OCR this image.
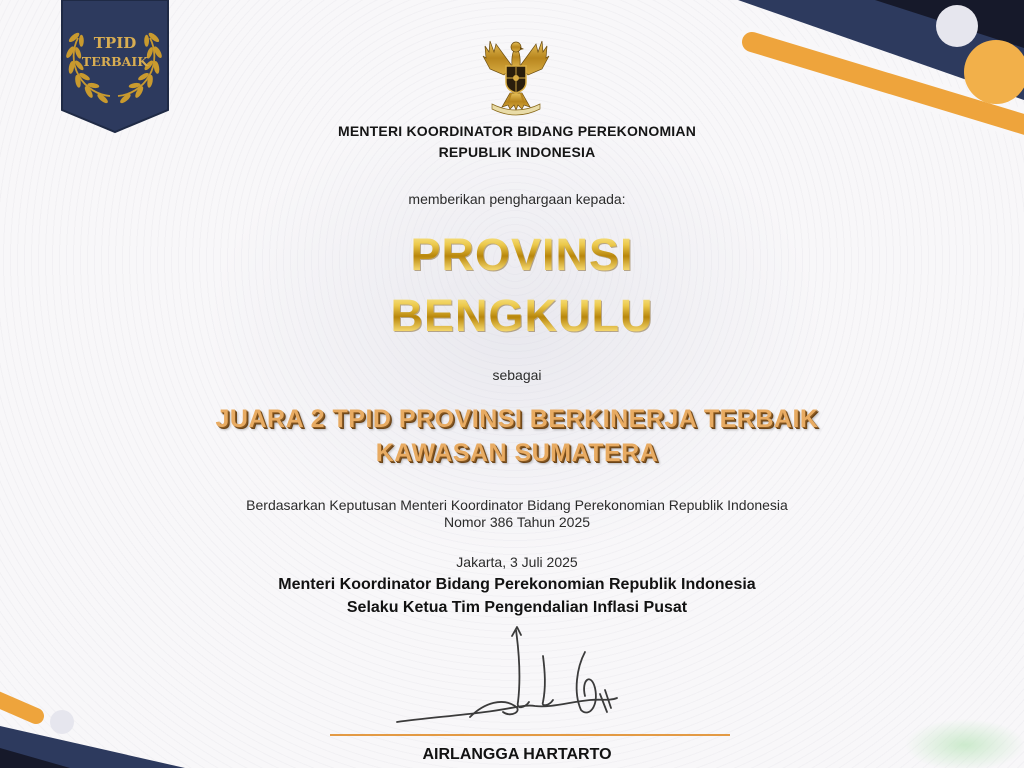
TPID
TERBAIK
MENTERI KOORDINATOR BIDANG PEREKONOMIAN
REPUBLIK INDONESIA
memberikan penghargaan kepada:
PROVINSI
BENGKULU
sebagai
JUARA 2 TPID PROVINSI BERKINERJA TERBAIK
KAWASAN SUMATERA
Berdasarkan Keputusan Menteri Koordinator Bidang Perekonomian Republik Indonesia
Nomor 386 Tahun 2025
Jakarta, 3 Juli 2025
Menteri Koordinator Bidang Perekonomian Republik Indonesia
Selaku Ketua Tim Pengendalian Inflasi Pusat
AIRLANGGA HARTARTO
